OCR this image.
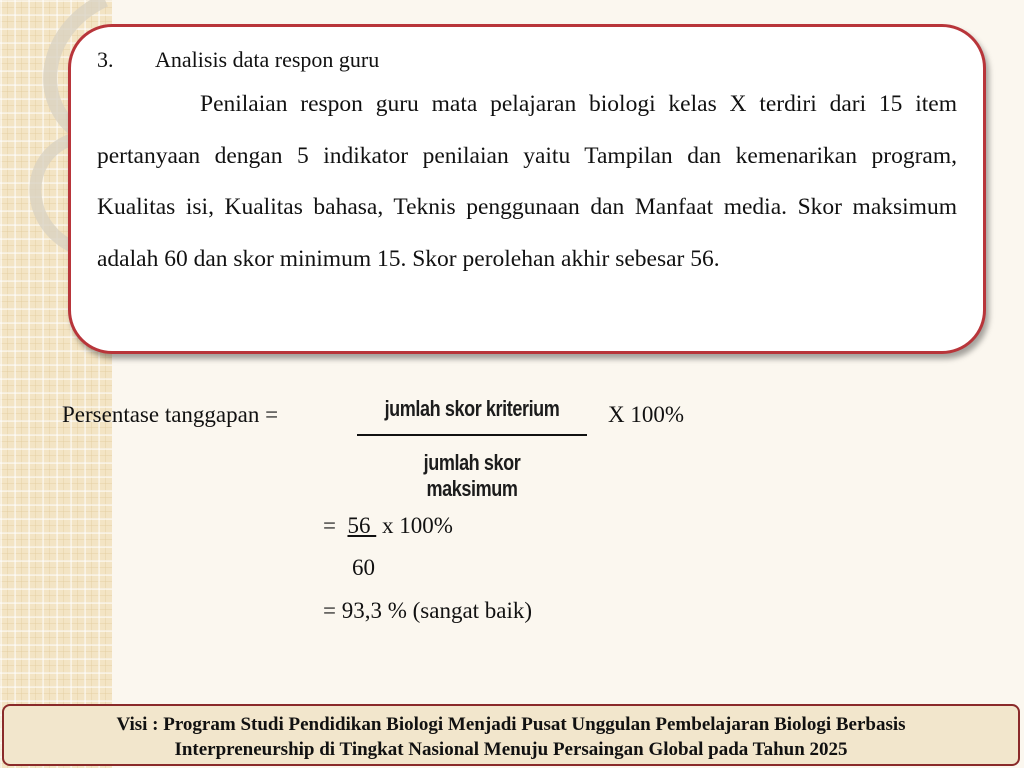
3.	Analisis data respon guru
Penilaian respon guru mata pelajaran biologi kelas X terdiri dari 15 item pertanyaan dengan 5 indikator penilaian yaitu Tampilan dan kemenarikan program, Kualitas isi, Kualitas bahasa, Teknis penggunaan dan Manfaat media. Skor maksimum adalah 60 dan skor minimum 15. Skor perolehan akhir sebesar 56.
Persentase tanggapan =	jumlah skor kriterium
jumlah skor maksimum
X 100%
=  56  x 100%
60
= 93,3 % (sangat baik)
Visi : Program Studi Pendidikan Biologi Menjadi Pusat Unggulan Pembelajaran Biologi Berbasis
Interpreneurship di Tingkat Nasional Menuju Persaingan Global pada Tahun 2025
